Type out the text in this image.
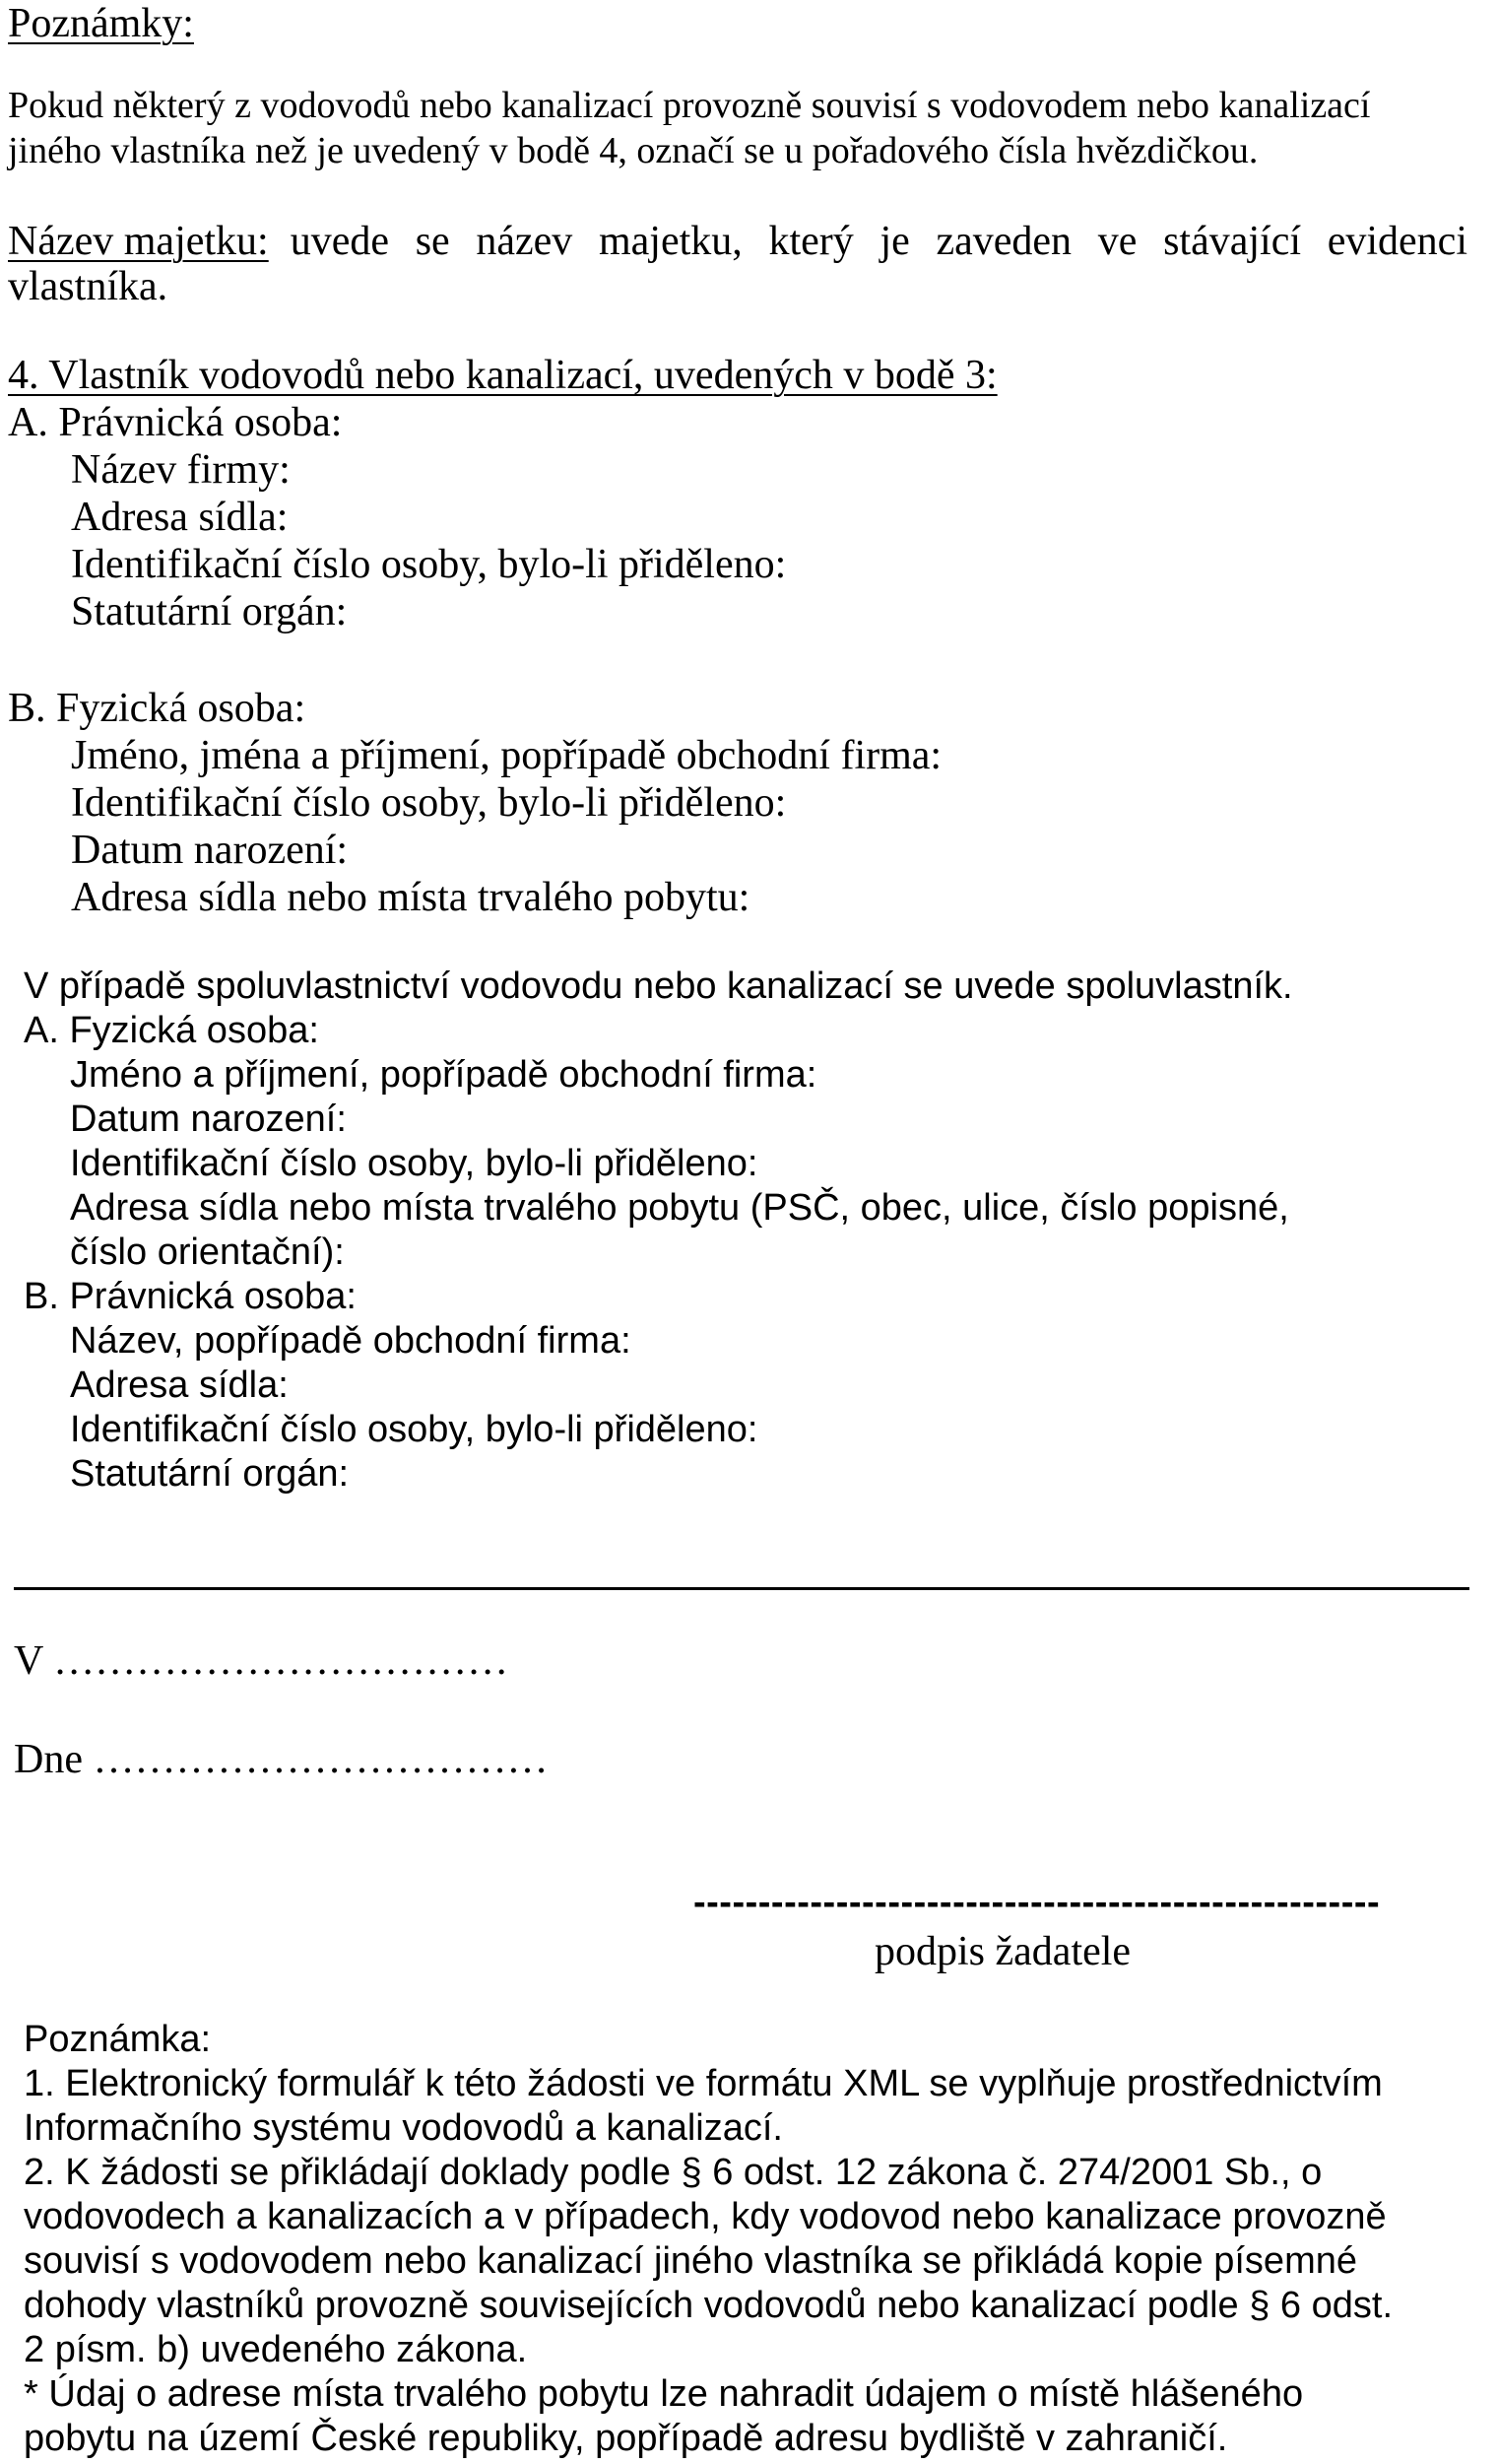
Poznámky:
Pokud některý z vodovodů nebo kanalizací provozně souvisí s vodovodem nebo kanalizací
jiného vlastníka než je uvedený v bodě 4, označí se u pořadového čísla hvězdičkou.
Název majetku: uvede se název majetku, který je zaveden ve stávající evidenci
vlastníka.
4. Vlastník vodovodů nebo kanalizací, uvedených v bodě 3:
A. Právnická osoba:
Název firmy:
Adresa sídla:
Identifikační číslo osoby, bylo-li přiděleno:
Statutární orgán:
B. Fyzická osoba:
Jméno, jména a příjmení, popřípadě obchodní firma:
Identifikační číslo osoby, bylo-li přiděleno:
Datum narození:
Adresa sídla nebo místa trvalého pobytu:
V případě spoluvlastnictví vodovodu nebo kanalizací se uvede spoluvlastník.
A. Fyzická osoba:
Jméno a příjmení, popřípadě obchodní firma:
Datum narození:
Identifikační číslo osoby, bylo-li přiděleno:
Adresa sídla nebo místa trvalého pobytu (PSČ, obec, ulice, číslo popisné,
číslo orientační):
B. Právnická osoba:
Název, popřípadě obchodní firma:
Adresa sídla:
Identifikační číslo osoby, bylo-li přiděleno:
Statutární orgán:
V ……………………………
Dne ……………………………
-----------------------------------------------------
podpis žadatele
Poznámka:
1. Elektronický formulář k této žádosti ve formátu XML se vyplňuje prostřednictvím
Informačního systému vodovodů a kanalizací.
2. K žádosti se přikládají doklady podle § 6 odst. 12 zákona č. 274/2001 Sb., o
vodovodech a kanalizacích a v případech, kdy vodovod nebo kanalizace provozně
souvisí s vodovodem nebo kanalizací jiného vlastníka se přikládá kopie písemné
dohody vlastníků provozně souvisejících vodovodů nebo kanalizací podle § 6 odst.
2 písm. b) uvedeného zákona.
* Údaj o adrese místa trvalého pobytu lze nahradit údajem o místě hlášeného
pobytu na území České republiky, popřípadě adresu bydliště v zahraničí.
